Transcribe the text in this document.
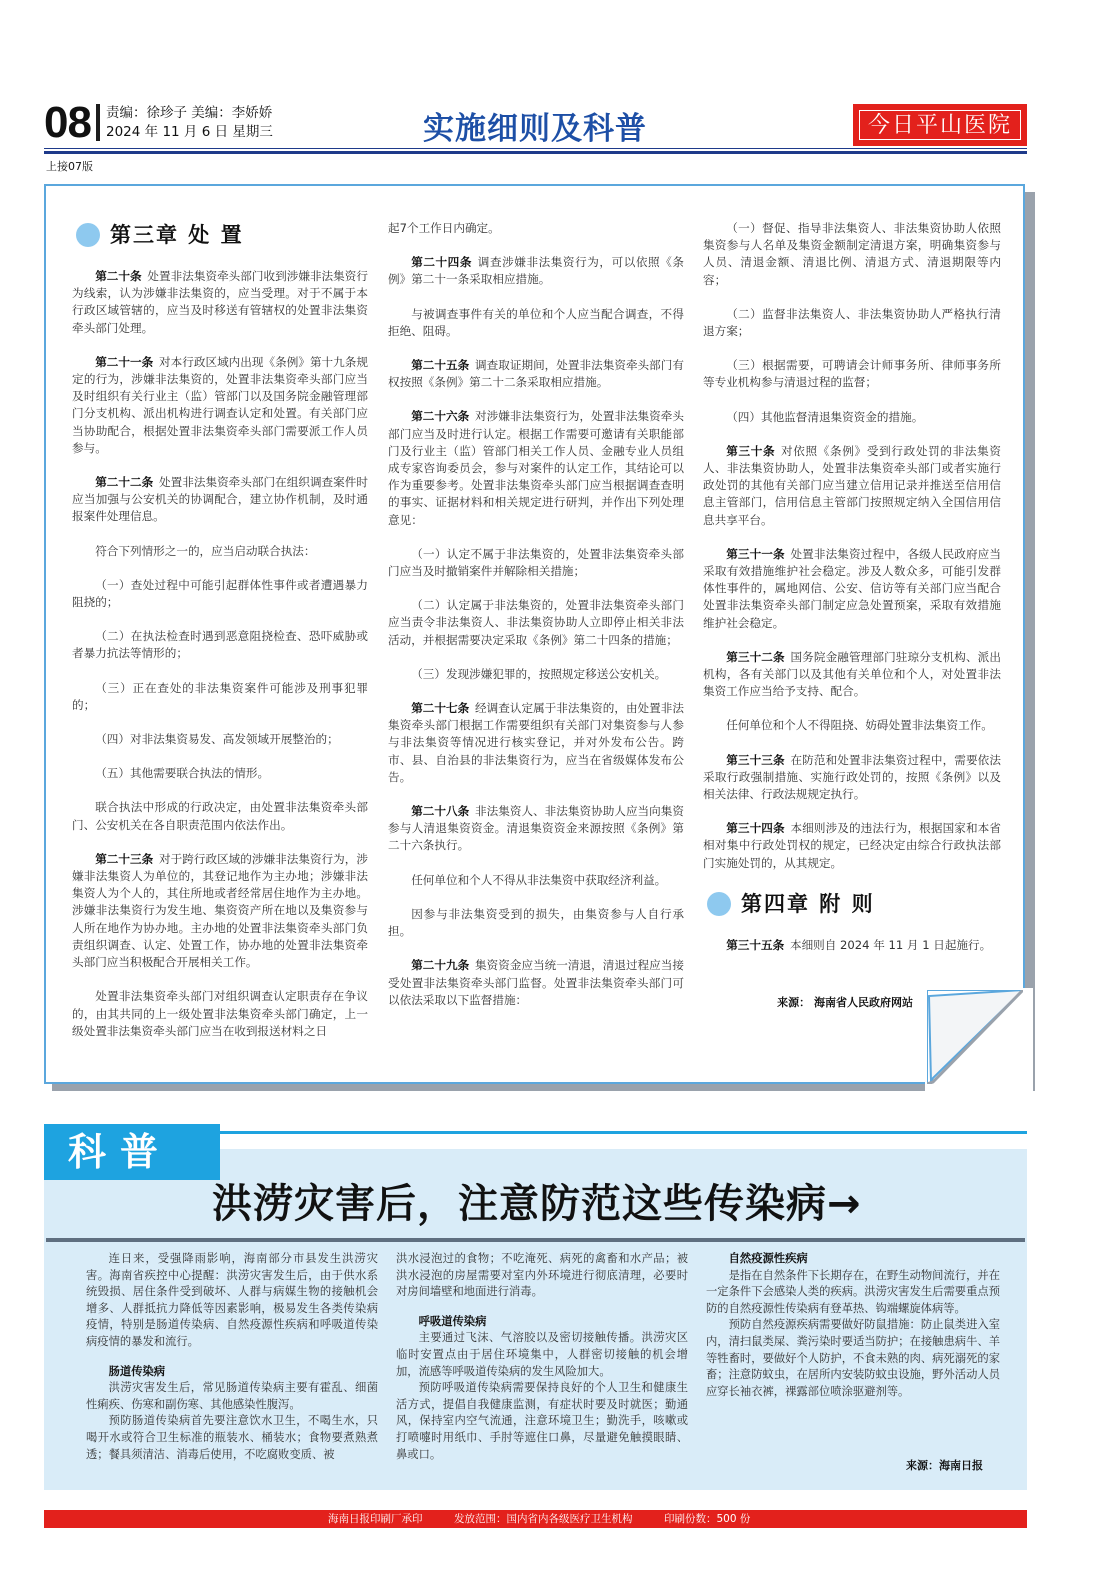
08 责编：徐珍子 美编：李娇娇
2024 年 11 月 6 日 星期三	实施细则及科普	今日平山医院
上接07版
第三章 处 置

第二十条 处置非法集资牵头部门收到涉嫌非法集资行为线索，认为涉嫌非法集资的，应当受理。对于不属于本行政区域管辖的，应当及时移送有管辖权的处置非法集资牵头部门处理。

第二十一条 对本行政区域内出现《条例》第十九条规定的行为，涉嫌非法集资的，处置非法集资牵头部门应当及时组织有关行业主（监）管部门以及国务院金融管理部门分支机构、派出机构进行调查认定和处置。有关部门应当协助配合，根据处置非法集资牵头部门需要派工作人员参与。

第二十二条 处置非法集资牵头部门在组织调查案件时应当加强与公安机关的协调配合，建立协作机制，及时通报案件处理信息。

符合下列情形之一的，应当启动联合执法：

（一）查处过程中可能引起群体性事件或者遭遇暴力阻挠的；

（二）在执法检查时遇到恶意阻挠检查、恐吓威胁或者暴力抗法等情形的；

（三）正在查处的非法集资案件可能涉及刑事犯罪的；

（四）对非法集资易发、高发领域开展整治的；

（五）其他需要联合执法的情形。

联合执法中形成的行政决定，由处置非法集资牵头部门、公安机关在各自职责范围内依法作出。

第二十三条 对于跨行政区域的涉嫌非法集资行为，涉嫌非法集资人为单位的，其登记地作为主办地；涉嫌非法集资人为个人的，其住所地或者经常居住地作为主办地。涉嫌非法集资行为发生地、集资资产所在地以及集资参与人所在地作为协办地。主办地的处置非法集资牵头部门负责组织调查、认定、处置工作，协办地的处置非法集资牵头部门应当积极配合开展相关工作。

处置非法集资牵头部门对组织调查认定职责存在争议的，由其共同的上一级处置非法集资牵头部门确定，上一级处置非法集资牵头部门应当在收到报送材料之日

起7个工作日内确定。

第二十四条 调查涉嫌非法集资行为，可以依照《条例》第二十一条采取相应措施。

与被调查事件有关的单位和个人应当配合调查，不得拒绝、阻碍。

第二十五条 调查取证期间，处置非法集资牵头部门有权按照《条例》第二十二条采取相应措施。

第二十六条 对涉嫌非法集资行为，处置非法集资牵头部门应当及时进行认定。根据工作需要可邀请有关职能部门及行业主（监）管部门相关工作人员、金融专业人员组成专家咨询委员会，参与对案件的认定工作，其结论可以作为重要参考。处置非法集资牵头部门应当根据调查查明的事实、证据材料和相关规定进行研判，并作出下列处理意见：

（一）认定不属于非法集资的，处置非法集资牵头部门应当及时撤销案件并解除相关措施；

（二）认定属于非法集资的，处置非法集资牵头部门应当责令非法集资人、非法集资协助人立即停止相关非法活动，并根据需要决定采取《条例》第二十四条的措施；

（三）发现涉嫌犯罪的，按照规定移送公安机关。

第二十七条 经调查认定属于非法集资的，由处置非法集资牵头部门根据工作需要组织有关部门对集资参与人参与非法集资等情况进行核实登记，并对外发布公告。跨市、县、自治县的非法集资行为，应当在省级媒体发布公告。

第二十八条 非法集资人、非法集资协助人应当向集资参与人清退集资资金。清退集资资金来源按照《条例》第二十六条执行。

任何单位和个人不得从非法集资中获取经济利益。

因参与非法集资受到的损失，由集资参与人自行承担。

第二十九条 集资资金应当统一清退，清退过程应当接受处置非法集资牵头部门监督。处置非法集资牵头部门可以依法采取以下监督措施：

（一）督促、指导非法集资人、非法集资协助人依照集资参与人名单及集资金额制定清退方案，明确集资参与人员、清退金额、清退比例、清退方式、清退期限等内容；

（二）监督非法集资人、非法集资协助人严格执行清退方案；

（三）根据需要，可聘请会计师事务所、律师事务所等专业机构参与清退过程的监督；

（四）其他监督清退集资资金的措施。

第三十条 对依照《条例》受到行政处罚的非法集资人、非法集资协助人，处置非法集资牵头部门或者实施行政处罚的其他有关部门应当建立信用记录并推送至信用信息主管部门，信用信息主管部门按照规定纳入全国信用信息共享平台。

第三十一条 处置非法集资过程中，各级人民政府应当采取有效措施维护社会稳定。涉及人数众多，可能引发群体性事件的，属地网信、公安、信访等有关部门应当配合处置非法集资牵头部门制定应急处置预案，采取有效措施维护社会稳定。

第三十二条 国务院金融管理部门驻琼分支机构、派出机构，各有关部门以及其他有关单位和个人，对处置非法集资工作应当给予支持、配合。

任何单位和个人不得阻挠、妨碍处置非法集资工作。

第三十三条 在防范和处置非法集资过程中，需要依法采取行政强制措施、实施行政处罚的，按照《条例》以及相关法律、行政法规规定执行。

第三十四条 本细则涉及的违法行为，根据国家和本省相对集中行政处罚权的规定，已经决定由综合行政执法部门实施处罚的，从其规定。

第四章 附 则

第三十五条 本细则自 2024 年 11 月 1 日起施行。

来源： 海南省人民政府网站
科普
洪涝灾害后，注意防范这些传染病→

连日来，受强降雨影响，海南部分市县发生洪涝灾害。海南省疾控中心提醒：洪涝灾害发生后，由于供水系统毁损、居住条件受到破坏、人群与病媒生物的接触机会增多、人群抵抗力降低等因素影响，极易发生各类传染病疫情，特别是肠道传染病、自然疫源性疾病和呼吸道传染病疫情的暴发和流行。

肠道传染病

洪涝灾害发生后，常见肠道传染病主要有霍乱、细菌性痢疾、伤寒和副伤寒、其他感染性腹泻。

预防肠道传染病首先要注意饮水卫生，不喝生水，只喝开水或符合卫生标准的瓶装水、桶装水；食物要煮熟煮透；餐具须清洁、消毒后使用，不吃腐败变质、被

洪水浸泡过的食物；不吃淹死、病死的禽畜和水产品；被洪水浸泡的房屋需要对室内外环境进行彻底清理，必要时对房间墙壁和地面进行消毒。

呼吸道传染病

主要通过飞沫、气溶胶以及密切接触传播。洪涝灾区临时安置点由于居住环境集中，人群密切接触的机会增加，流感等呼吸道传染病的发生风险加大。

预防呼吸道传染病需要保持良好的个人卫生和健康生活方式，提倡自我健康监测，有症状时要及时就医；勤通风，保持室内空气流通，注意环境卫生；勤洗手，咳嗽或打喷嚏时用纸巾、手肘等遮住口鼻，尽量避免触摸眼睛、鼻或口。

自然疫源性疾病

是指在自然条件下长期存在，在野生动物间流行，并在一定条件下会感染人类的疾病。洪涝灾害发生后需要重点预防的自然疫源性传染病有登革热、钩端螺旋体病等。

预防自然疫源疾病需要做好防鼠措施：防止鼠类进入室内，清扫鼠类屎、粪污染时要适当防护；在接触患病牛、羊等牲畜时，要做好个人防护，不食未熟的肉、病死溺死的家畜；注意防蚊虫，在居所内安装防蚊虫设施，野外活动人员应穿长袖衣裤，裸露部位喷涂驱避剂等。

来源：海南日报
海南日报印刷厂承印	发放范围：国内省内各级医疗卫生机构	印刷份数：500 份
